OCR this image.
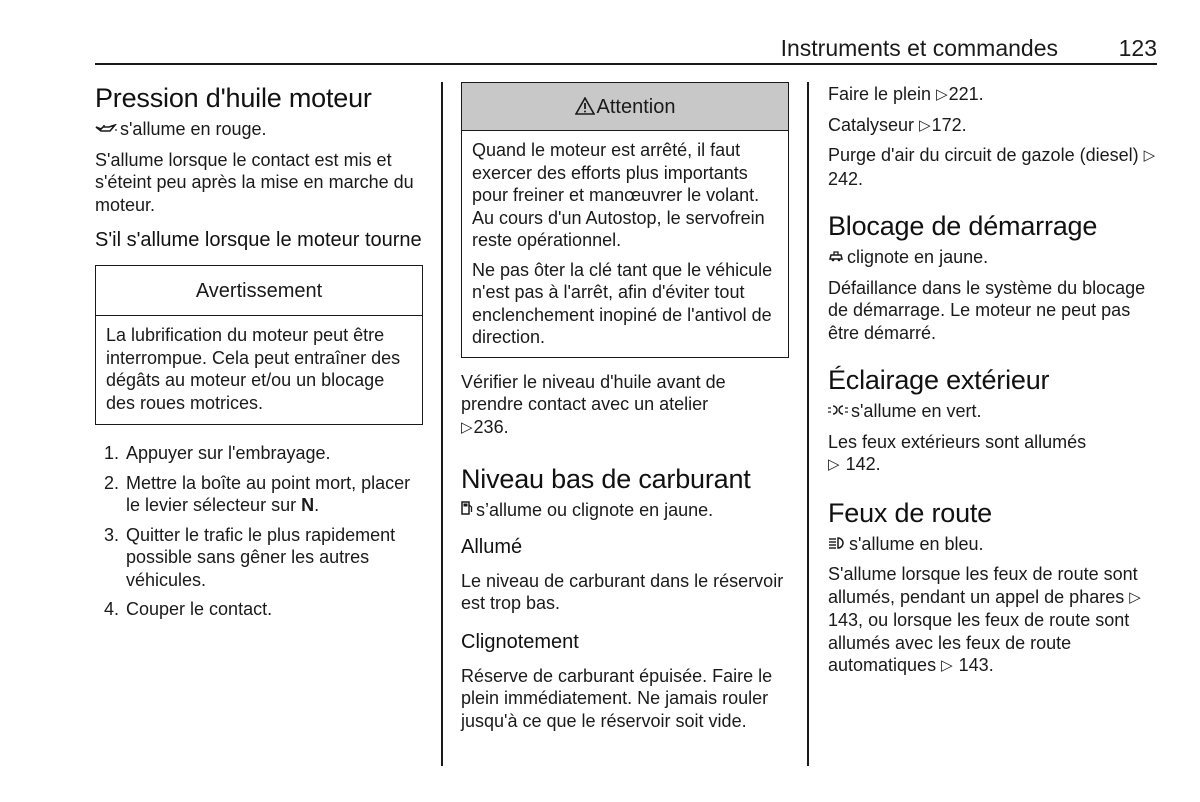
Instruments et commandes	123
Pression d'huile moteur

s'allume en rouge.

S'allume lorsque le contact est mis et s'éteint peu après la mise en marche du moteur.

S'il s'allume lorsque le moteur tourne
Avertissement

La lubrification du moteur peut être interrompue. Cela peut entraîner des dégâts au moteur et/ou un blocage des roues motrices.

1. Appuyer sur l'embrayage.
2. Mettre la boîte au point mort, placer le levier sélecteur sur N.
3. Quitter le trafic le plus rapidement possible sans gêner les autres véhicules.
4. Couper le contact.
Attention

Quand le moteur est arrêté, il faut exercer des efforts plus importants pour freiner et manœuvrer le volant. Au cours d'un Autostop, le servofrein reste opérationnel.

Ne pas ôter la clé tant que le véhicule n'est pas à l'arrêt, afin d'éviter tout enclenchement inopiné de l'antivol de direction.

Vérifier le niveau d'huile avant de prendre contact avec un atelier
▷236.

Niveau bas de carburant

s’allume ou clignote en jaune.

Allumé

Le niveau de carburant dans le réservoir est trop bas.

Clignotement

Réserve de carburant épuisée. Faire le plein immédiatement. Ne jamais rouler jusqu'à ce que le réservoir soit vide.

Faire le plein ▷221.

Catalyseur ▷172.

Purge d'air du circuit de gazole (diesel) ▷242.

Blocage de démarrage

clignote en jaune.

Défaillance dans le système du blocage de démarrage. Le moteur ne peut pas être démarré.

Éclairage extérieur

s'allume en vert.

Les feux extérieurs sont allumés
▷ 142.

Feux de route

s'allume en bleu.

S'allume lorsque les feux de route sont allumés, pendant un appel de phares ▷ 143, ou lorsque les feux de route sont allumés avec les feux de route automatiques ▷ 143.
